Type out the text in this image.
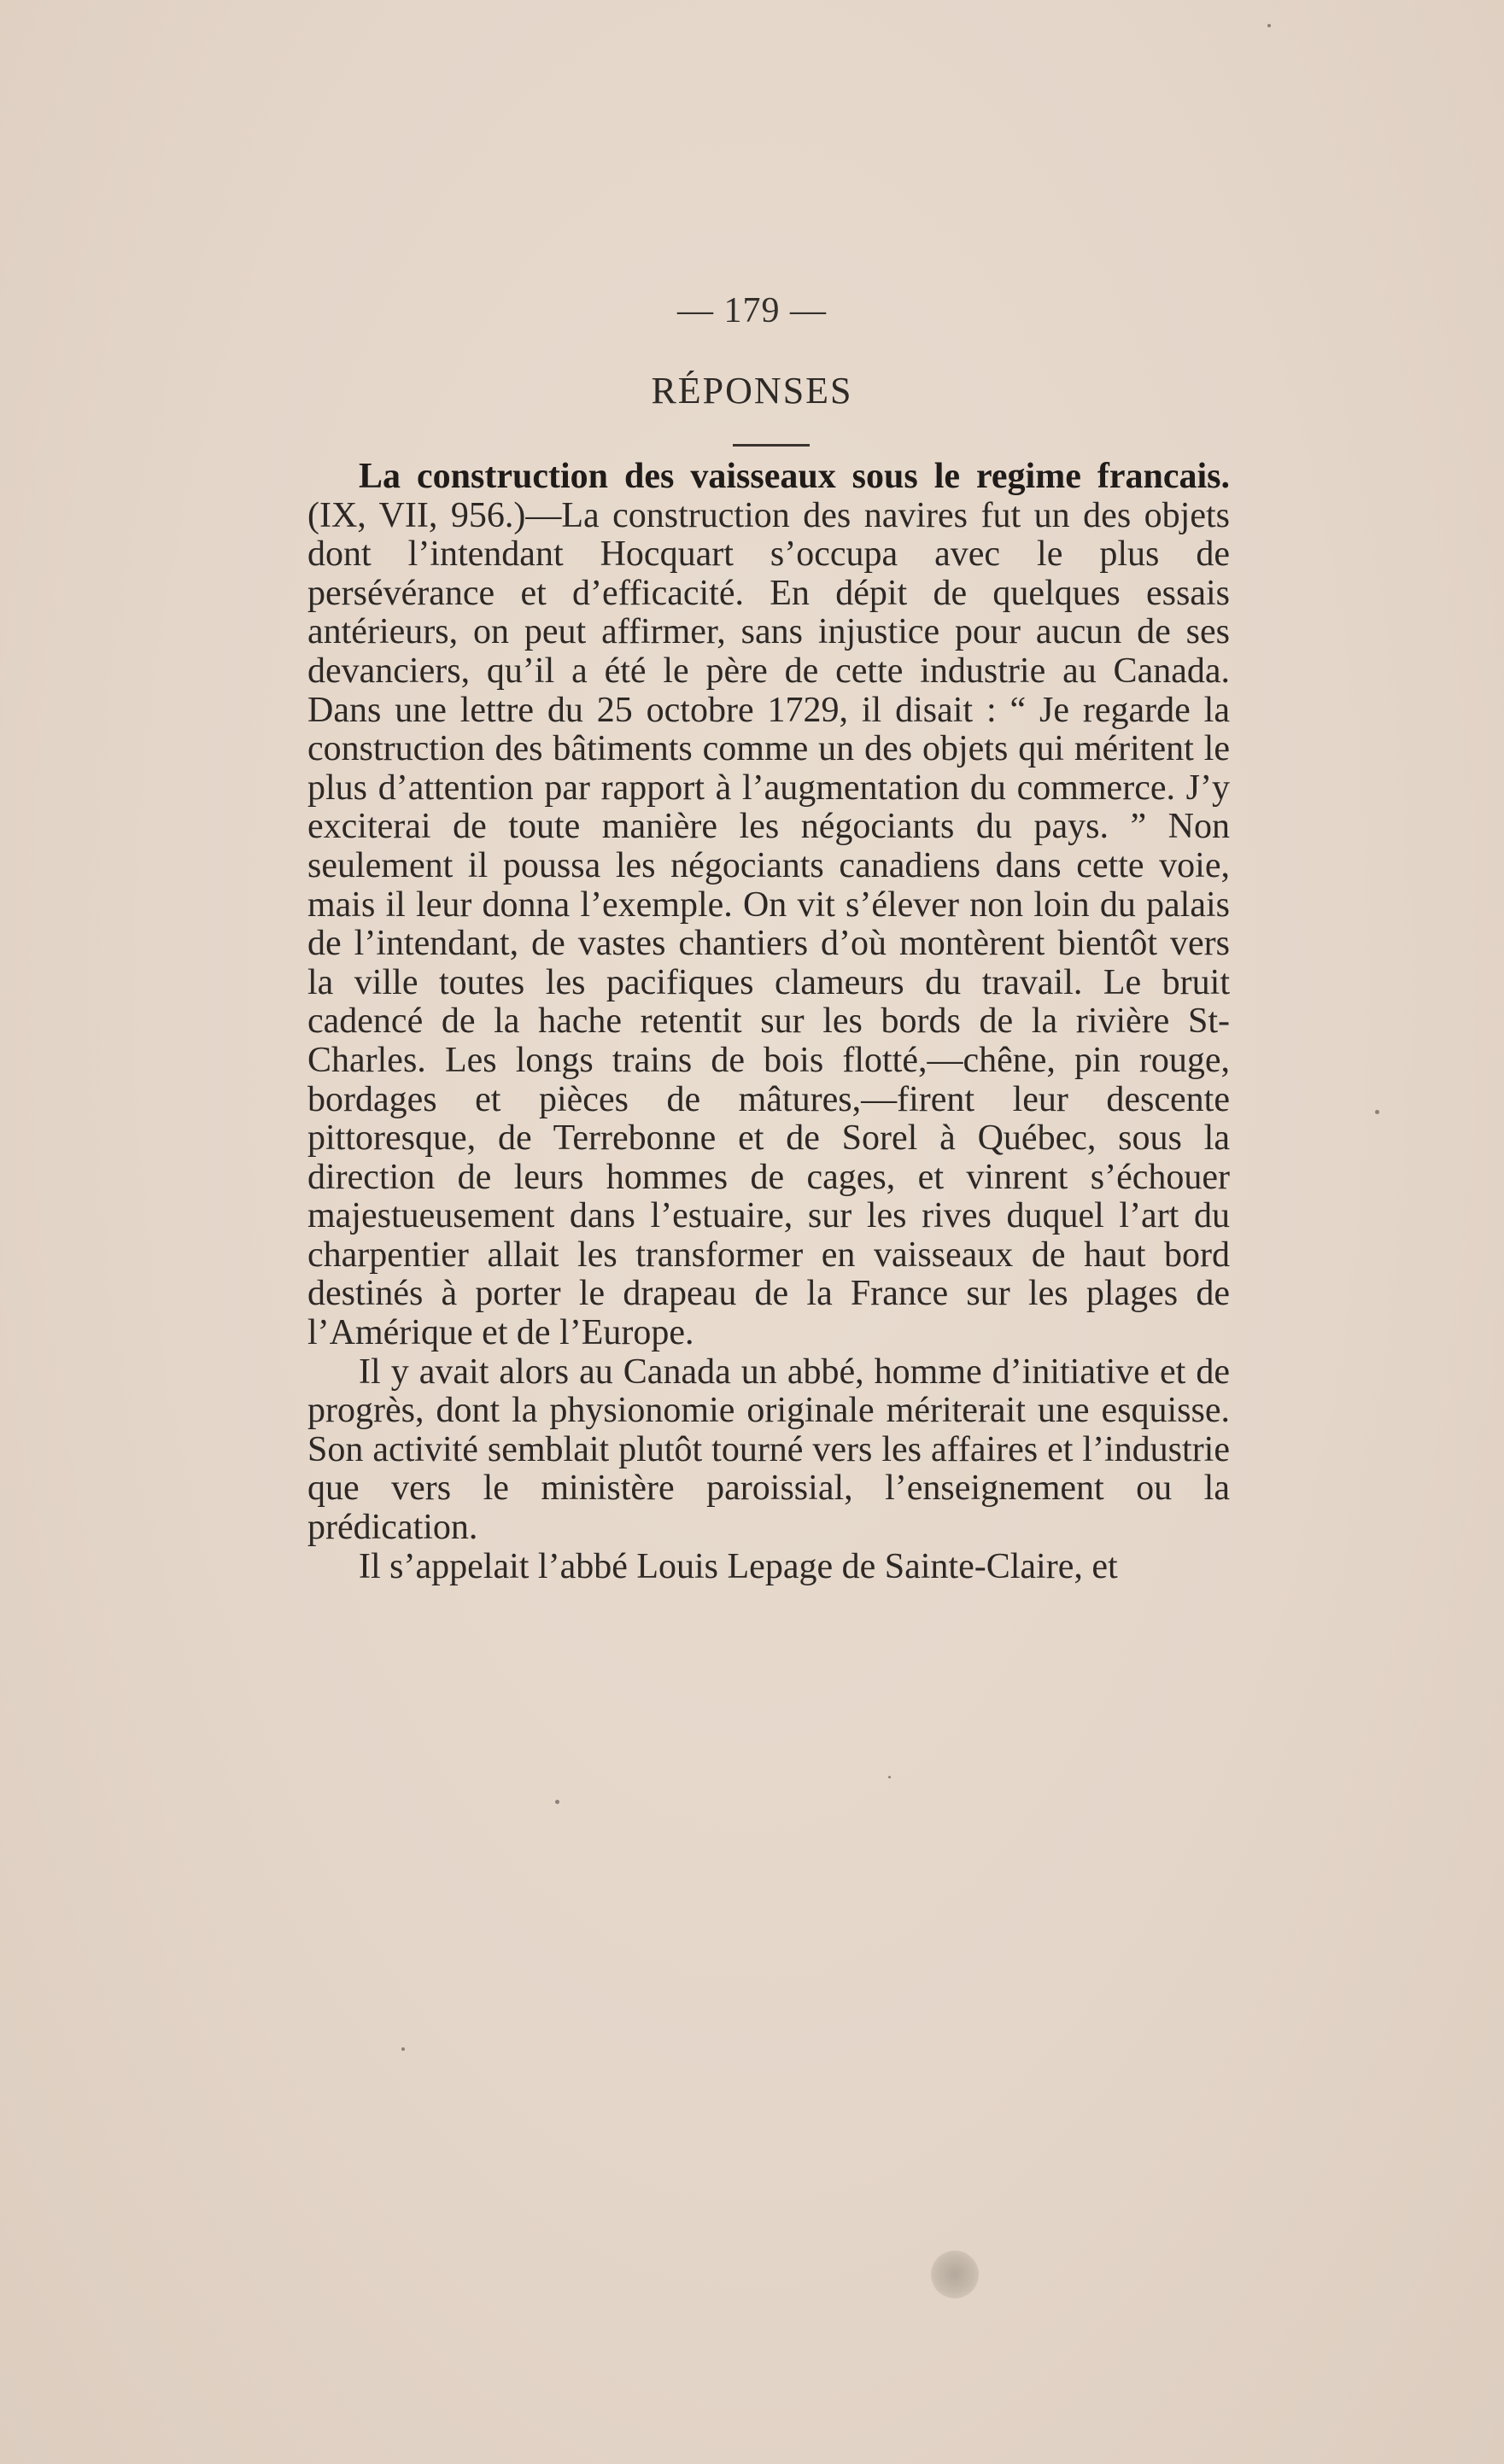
— 179 —
RÉPONSES

La construction des vaisseaux sous le regime francais. (IX, VII, 956.)—La construction des navires fut un des objets dont l’intendant Hocquart s’occupa avec le plus de persévérance et d’efficacité. En dépit de quelques essais antérieurs, on peut affirmer, sans injustice pour aucun de ses devanciers, qu’il a été le père de cette industrie au Canada. Dans une lettre du 25 octobre 1729, il disait : “ Je regarde la construction des bâtiments comme un des objets qui méritent le plus d’attention par rapport à l’augmentation du commerce. J’y exciterai de toute manière les négociants du pays. ” Non seulement il poussa les négociants canadiens dans cette voie, mais il leur donna l’exemple. On vit s’élever non loin du palais de l’intendant, de vastes chantiers d’où montèrent bientôt vers la ville toutes les pacifiques clameurs du travail. Le bruit cadencé de la hache retentit sur les bords de la rivière St-Charles. Les longs trains de bois flotté,—chêne, pin rouge, bordages et pièces de mâtures,—firent leur descente pittoresque, de Terrebonne et de Sorel à Québec, sous la direction de leurs hommes de cages, et vinrent s’échouer majestueusement dans l’estuaire, sur les rives duquel l’art du charpentier allait les transformer en vaisseaux de haut bord destinés à porter le drapeau de la France sur les plages de l’Amérique et de l’Europe.

Il y avait alors au Canada un abbé, homme d’initiative et de progrès, dont la physionomie originale mériterait une esquisse. Son activité semblait plutôt tourné vers les affaires et l’industrie que vers le ministère paroissial, l’enseignement ou la prédication.

Il s’appelait l’abbé Louis Lepage de Sainte-Claire, et
